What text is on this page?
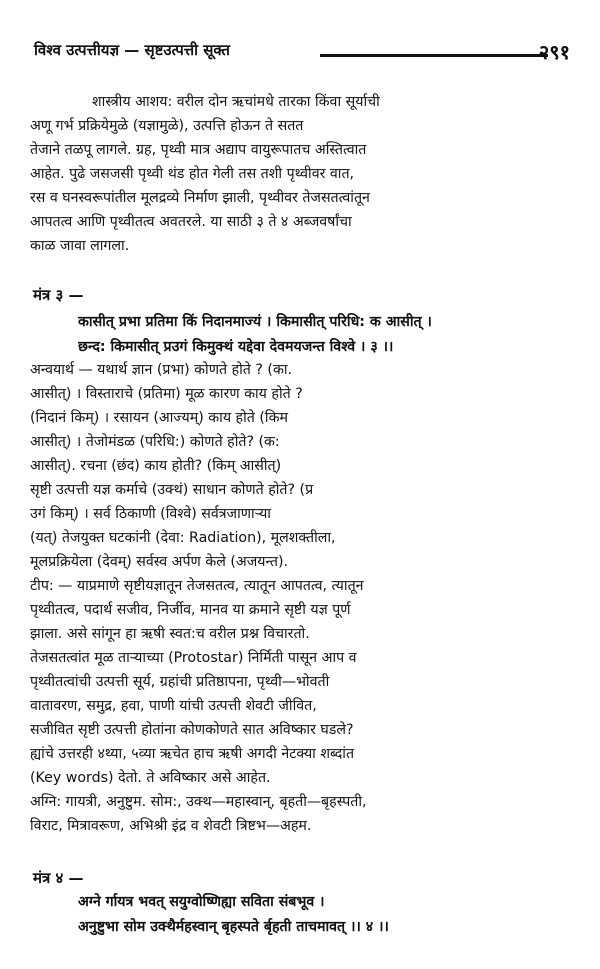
विश्व उत्पत्तीयज्ञ — सृष्टउत्पत्ती सूक्त	२९१
शास्त्रीय आशय: वरील दोन ऋचांमधे तारका किंवा सूर्याची
अणू गर्भ प्रक्रियेमुळे (यज्ञामुळे), उत्पत्ति होऊन ते सतत
तेजाने तळपू लागले. ग्रह, पृथ्वी मात्र अद्याप वायुरूपातच अस्तित्वात
आहेत. पुढे जसजसी पृथ्वी थंड होत गेली तस तशी पृथ्वीवर वात,
रस व घनस्वरूपांतील मूलद्रव्ये निर्माण झाली, पृथ्वीवर तेजसतत्वांतून
आपतत्व आणि पृथ्वीतत्व अवतरले. या साठी ३ ते ४ अब्जवर्षांचा
काळ जावा लागला.
मंत्र ३ —
कासीत् प्रभा प्रतिमा किं निदानमाज्यं । किमासीत् परिधि: क आसीत् ।
छन्द: किमासीत् प्रउगं किमुक्थं यद्देवा देवमयजन्त विश्वे । ३ ।।
अन्वयार्थ — यथार्थ ज्ञान (प्रभा) कोणते होते ? (का.
आसीत्) । विस्ताराचे (प्रतिमा) मूळ कारण काय होते ?
(निदानं किम्) । रसायन (आज्यम्) काय होते (किम
आसीत्) । तेजोमंडळ (परिधि:) कोणते होते? (क:
आसीत्). रचना (छंद) काय होती? (किम् आसीत्)
सृष्टी उत्पत्ती यज्ञ कर्माचे (उक्थं) साधान कोणते होते? (प्र
उगं किम्) । सर्व ठिकाणी (विश्वे) सर्वत्रजाणाऱ्या
(यत्) तेजयुक्त घटकांनी (देवा: Radiation), मूलशक्तीला,
मूलप्रक्रियेला (देवम्) सर्वस्व अर्पण केले (अजयन्त).
टीप: — याप्रमाणे सृष्टीयज्ञातून तेजसतत्व, त्यातून आपतत्व, त्यातून
पृथ्वीतत्व, पदार्थ सजीव, निर्जीव, मानव या क्रमाने सृष्टी यज्ञ पूर्ण
झाला. असे सांगून हा ऋषी स्वत:च वरील प्रश्न विचारतो.
तेजसतत्वांत मूळ ताऱ्याच्या (Protostar) निर्मिती पासून आप व
पृथ्वीतत्वांची उत्पत्ती सूर्य, ग्रहांची प्रतिष्ठापना, पृथ्वी—भोवती
वातावरण, समुद्र, हवा, पाणी यांची उत्पत्ती शेवटी जीवित,
सजीवित सृष्टी उत्पत्ती होतांना कोणकोणते सात अविष्कार घडले?
ह्यांचे उत्तरही ४थ्या, ५व्या ऋचेत हाच ऋषी अगदी नेटक्या शब्दांत
(Key words) देतो. ते अविष्कार असे आहेत.
अग्नि: गायत्री, अनुष्टुम. सोम:, उक्थ—महास्वान्, बृहती—बृहस्पती,
विराट, मित्रावरूण, अभिश्री इंद्र व शेवटी त्रिष्टभ—अहम.
मंत्र ४ —
अग्ने र्गायत्र भवत् सयुग्वोष्णिह्या सविता संबभूव ।
अनुष्टुभा सोम उक्थैर्महस्वान् बृहस्पते र्बृहती ताचमावत् ।। ४ ।।
